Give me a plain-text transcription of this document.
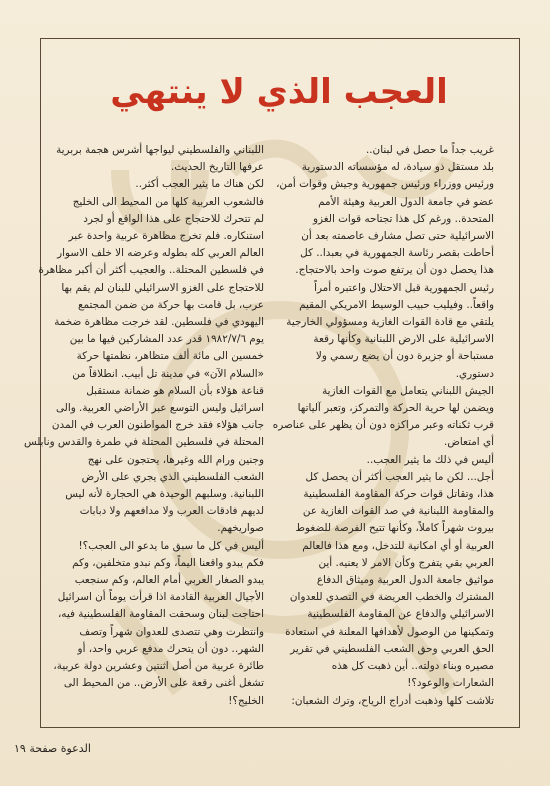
العجب الذي لا ينتهي
غريب جداً ما حصل في لبنان..
بلد مستقل ذو سيادة، له مؤسساته الدستورية
ورئيس ووزراء ورئيس جمهورية وجيش وقوات أمن،
عضو في جامعة الدول العربية وهيئة الأمم
المتحدة.. ورغم كل هذا تجتاحه قوات الغزو
الاسرائيلية حتى تصل مشارف عاصمته بعد أن
أحاطت بقصر رئاسة الجمهورية في بعبدا.. كل
هذا يحصل دون أن يرتفع صوت واحد بالاحتجاج.
رئيس الجمهورية قبل الاحتلال واعتبره أمراً
واقعاً.. وفيليب حبيب الوسيط الامريكي المقيم
يلتقي مع قادة القوات الغازية ومسؤولي الخارجية
الاسرائيلية على الارض اللبنانية وكأنها رقعة
مستباحة أو جزيرة دون أن يضع رسمي ولا
دستوري.
الجيش اللبناني يتعامل مع القوات الغازية
ويضمن لها حرية الحركة والتمركز، وتعبر آلياتها
قرب ثكناته وعبر مراكزه دون أن يظهر على عناصره
أي امتعاض.
أليس في ذلك ما يثير العجب..
أجل... لكن ما يثير العجب أكثر أن يحصل كل
هذا، وتقاتل قوات حركة المقاومة الفلسطينية
والمقاومة اللبنانية في صد القوات الغازية عن
بيروت شهراً كاملاً، وكأنها تتيح الفرصة للضغوط
العربية أو أي امكانية للتدخل، ومع هذا فالعالم
العربي بقي يتفرج وكأن الامر لا يعنيه. أين
مواثيق جامعة الدول العربية وميثاق الدفاع
المشترك والخطب العريضة في التصدي للعدوان
الاسرائيلي والدفاع عن المقاومة الفلسطينية
وتمكينها من الوصول لأهدافها المعلنة في استعادة
الحق العربي وحق الشعب الفلسطيني في تقرير
مصيره وبناء دولته.. أين ذهبت كل هذه
الشعارات والوعود؟!
تلاشت كلها وذهبت أدراج الرياح، وترك الشعبان:
اللبناني والفلسطيني ليواجها أشرس هجمة بربرية
عرفها التاريخ الحديث.
لكن هناك ما يثير العجب أكثر..
فالشعوب العربية كلها من المحيط الى الخليج
لم تتحرك للاحتجاج على هذا الواقع أو لجرد
استنكاره. فلم تخرج مظاهرة عربية واحدة عبر
العالم العربي كله بطوله وعرضه الا خلف الاسوار
في فلسطين المحتلة.. والعجيب أكثر أن أكبر مظاهرة
للاحتجاج على الغزو الاسرائيلي للبنان لم يقم بها
عرب، بل قامت بها حركة من ضمن المجتمع
اليهودي في فلسطين. لقد خرجت مظاهرة ضخمة
يوم ١٩٨٢/٧/٦ قدر عدد المشاركين فيها ما بين
خمسين الى مائة ألف متظاهر، نظمتها حركة
«السلام الآن» في مدينة تل أبيب. انطلاقاً من
قناعة هؤلاء بأن السلام هو ضمانة مستقبل
اسرائيل وليس التوسع عبر الأراضي العربية. والى
جانب هؤلاء فقد خرج المواطنون العرب في المدن
المحتلة في فلسطين المحتلة في طمرة والقدس ونابلس
وجنين ورام الله وغيرها، يحتجون على نهج
الشعب الفلسطيني الذي يجري على الأرض
اللبنانية. وسلبهم الوحيدة هي الحجارة لأنه ليس
لديهم فادقات العرب ولا مدافعهم ولا دبابات
صواريخهم.
أليس في كل ما سبق ما يدعو الى العجب؟!
فكم يبدو واقعنا اليماً، وكم نبدو متخلفين، وكم
يبدو الصغار العربي أمام العالم، وكم سنجعب
الأجيال العربية القادمة اذا قرأت يوماً أن اسرائيل
احتاجت لبنان وسحقت المقاومة الفلسطينية فيه،
وانتظرت وهي تتصدى للعدوان شهراً وتصف
الشهر.. دون أن يتحرك مدفع عربي واحد، أو
طائرة عربية من أصل اثنتين وعشرين دولة عربية،
تشغل أغنى رقعة على الأرض.. من المحيط الى
الخليج؟!
الدعوة صفحة ١٩
